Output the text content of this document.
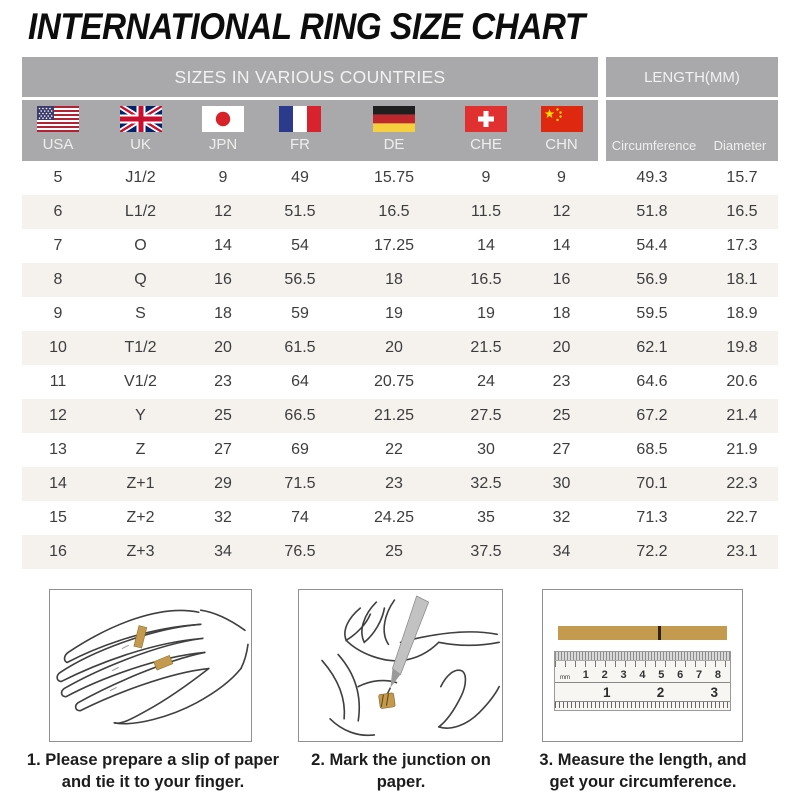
INTERNATIONAL RING SIZE CHART
SIZES IN VARIOUS COUNTRIES	LENGTH(MM)
USA	UK	JPN	FR	DE	CHE	CHN	Circumference	Diameter
5	J1/2	9	49	15.75	9	9	49.3	15.7
6	L1/2	12	51.5	16.5	11.5	12	51.8	16.5
7	O	14	54	17.25	14	14	54.4	17.3
8	Q	16	56.5	18	16.5	16	56.9	18.1
9	S	18	59	19	19	18	59.5	18.9
10	T1/2	20	61.5	20	21.5	20	62.1	19.8
11	V1/2	23	64	20.75	24	23	64.6	20.6
12	Y	25	66.5	21.25	27.5	25	67.2	21.4
13	Z	27	69	22	30	27	68.5	21.9
14	Z+1	29	71.5	23	32.5	30	70.1	22.3
15	Z+2	32	74	24.25	35	32	71.3	22.7
16	Z+3	34	76.5	25	37.5	34	72.2	23.1
mm 1 2 3 4 5 6 7 8
1	2	3
1. Please prepare a slip of paper
and tie it to your finger.
2. Mark the junction on paper.
3. Measure the length, and
get your circumference.
